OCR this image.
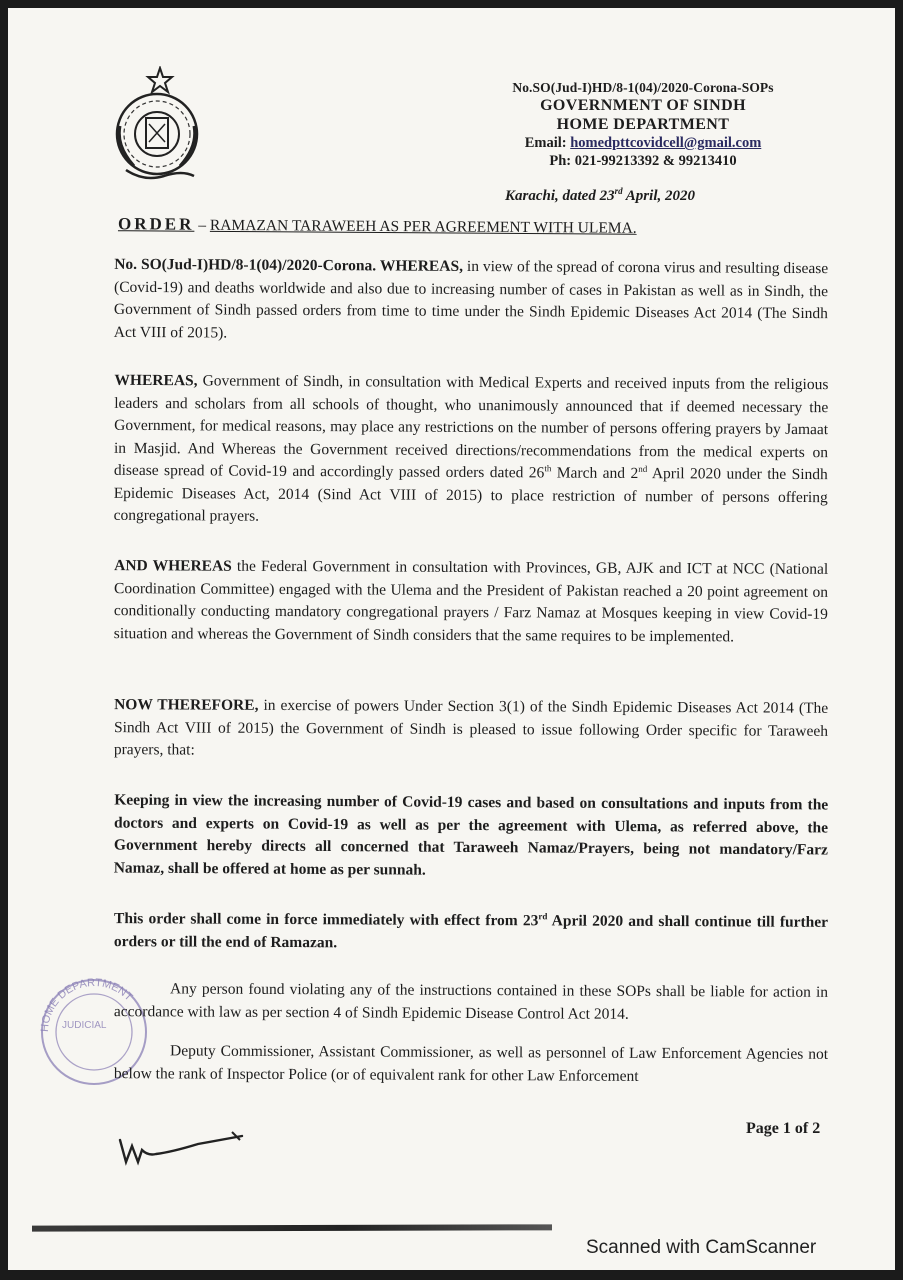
No.SO(Jud-I)HD/8-1(04)/2020-Corona-SOPs
GOVERNMENT OF SINDH
HOME DEPARTMENT
Email: homedpttcovidcell@gmail.com
Ph: 021-99213392 & 99213410
Karachi, dated 23rd April, 2020
ORDER – RAMAZAN TARAWEEH AS PER AGREEMENT WITH ULEMA.
No. SO(Jud-I)HD/8-1(04)/2020-Corona. WHEREAS, in view of the spread of corona virus and resulting disease (Covid-19) and deaths worldwide and also due to increasing number of cases in Pakistan as well as in Sindh, the Government of Sindh passed orders from time to time under the Sindh Epidemic Diseases Act 2014 (The Sindh Act VIII of 2015).
WHEREAS, Government of Sindh, in consultation with Medical Experts and received inputs from the religious leaders and scholars from all schools of thought, who unanimously announced that if deemed necessary the Government, for medical reasons, may place any restrictions on the number of persons offering prayers by Jamaat in Masjid. And Whereas the Government received directions/recommendations from the medical experts on disease spread of Covid-19 and accordingly passed orders dated 26th March and 2nd April 2020 under the Sindh Epidemic Diseases Act, 2014 (Sind Act VIII of 2015) to place restriction of number of persons offering congregational prayers.
AND WHEREAS the Federal Government in consultation with Provinces, GB, AJK and ICT at NCC (National Coordination Committee) engaged with the Ulema and the President of Pakistan reached a 20 point agreement on conditionally conducting mandatory congregational prayers / Farz Namaz at Mosques keeping in view Covid-19 situation and whereas the Government of Sindh considers that the same requires to be implemented.
NOW THEREFORE, in exercise of powers Under Section 3(1) of the Sindh Epidemic Diseases Act 2014 (The Sindh Act VIII of 2015) the Government of Sindh is pleased to issue following Order specific for Taraweeh prayers, that:
Keeping in view the increasing number of Covid-19 cases and based on consultations and inputs from the doctors and experts on Covid-19 as well as per the agreement with Ulema, as referred above, the Government hereby directs all concerned that Taraweeh Namaz/Prayers, being not mandatory/Farz Namaz, shall be offered at home as per sunnah.
This order shall come in force immediately with effect from 23rd April 2020 and shall continue till further orders or till the end of Ramazan.
HOME DEPARTMENT
JUDICIAL
Any person found violating any of the instructions contained in these SOPs shall be liable for action in accordance with law as per section 4 of Sindh Epidemic Disease Control Act 2014.
Deputy Commissioner, Assistant Commissioner, as well as personnel of Law Enforcement Agencies not below the rank of Inspector Police (or of equivalent rank for other Law Enforcement
Page 1 of 2
Scanned with CamScanner
